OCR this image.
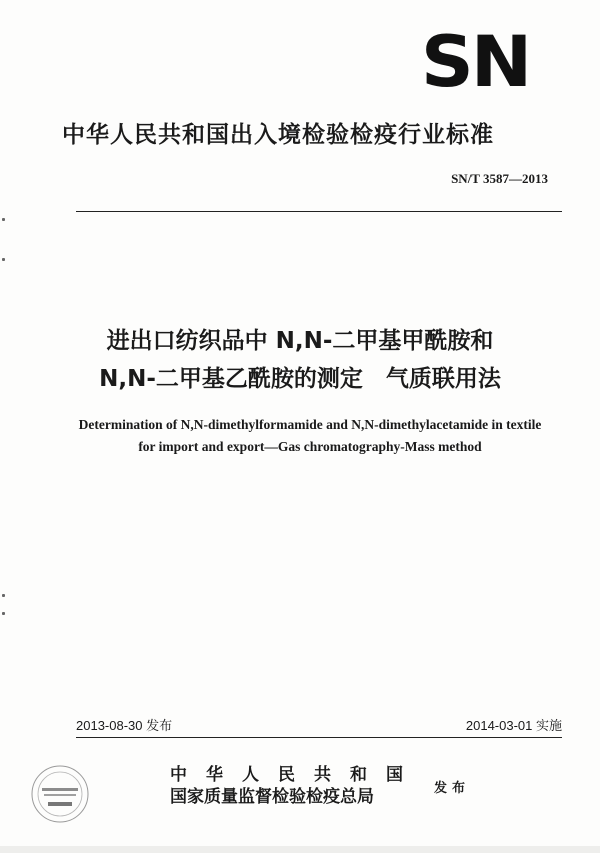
SN
中华人民共和国出入境检验检疫行业标准
SN/T 3587—2013
进出口纺织品中 N,N-二甲基甲酰胺和
N,N-二甲基乙酰胺的测定　气质联用法
Determination of N,N-dimethylformamide and N,N-dimethylacetamide in textile
for import and export—Gas chromatography-Mass method
2013-08-30 发布	2014-03-01 实施
中华人民共和国
国家质量监督检验检疫总局	发布
